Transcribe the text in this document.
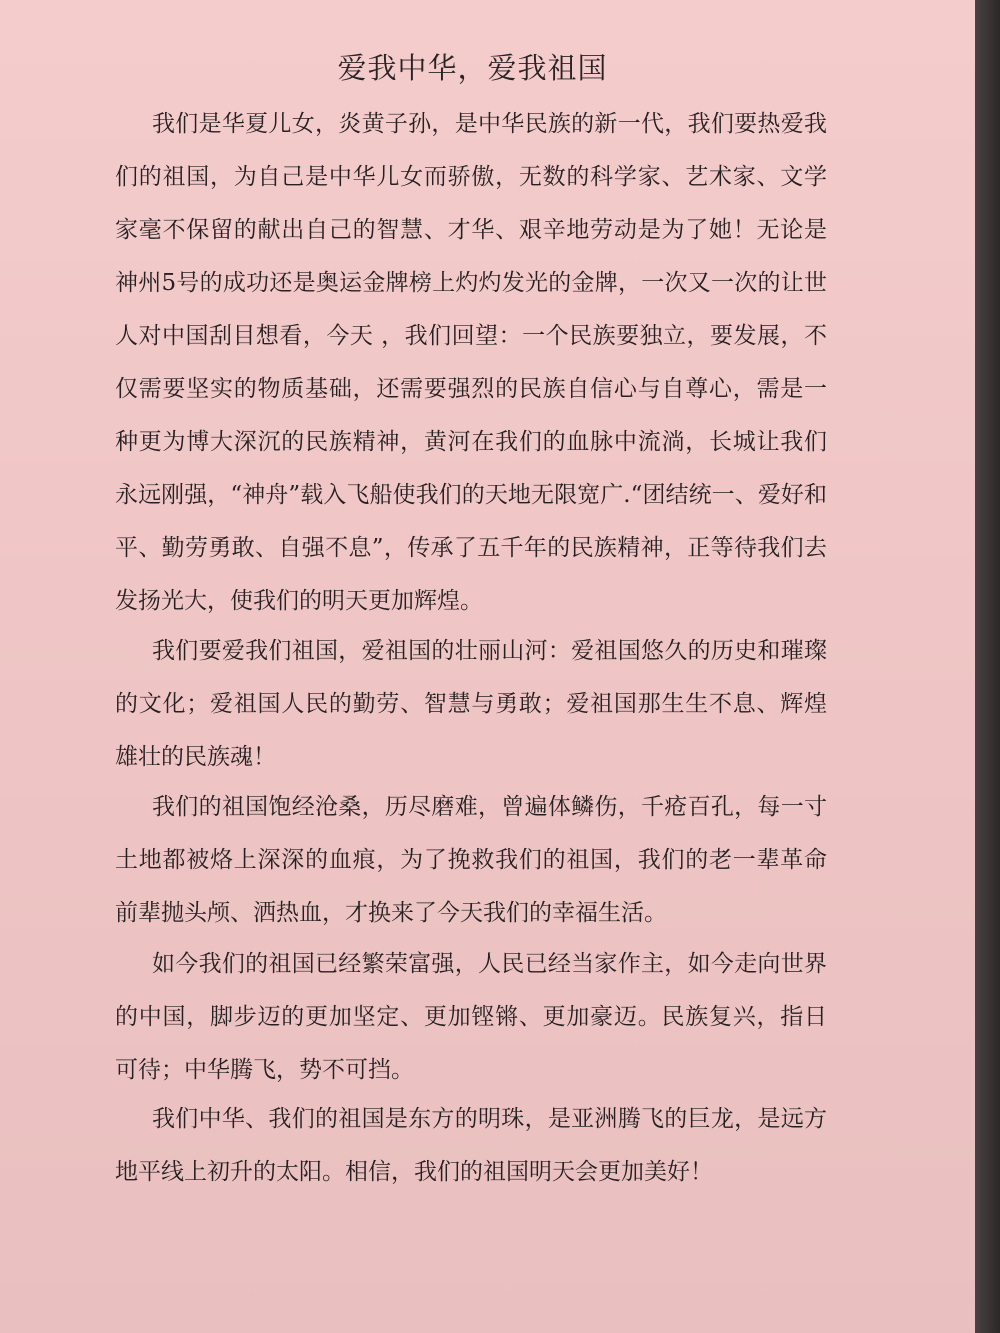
爱我中华，爱我祖国

我们是华夏儿女，炎黄子孙，是中华民族的新一代，我们要热爱我们的祖国，为自己是中华儿女而骄傲，无数的科学家、艺术家、文学家毫不保留的献出自己的智慧、才华、艰辛地劳动是为了她！无论是神州5号的成功还是奥运金牌榜上灼灼发光的金牌，一次又一次的让世人对中国刮目想看，今天 ，我们回望：一个民族要独立，要发展，不仅需要坚实的物质基础，还需要强烈的民族自信心与自尊心，需是一种更为博大深沉的民族精神，黄河在我们的血脉中流淌，长城让我们永远刚强，“神舟”载入飞船使我们的天地无限宽广.“团结统一、爱好和平、勤劳勇敢、自强不息”，传承了五千年的民族精神，正等待我们去发扬光大，使我们的明天更加辉煌。

我们要爱我们祖国，爱祖国的壮丽山河：爱祖国悠久的历史和璀璨的文化；爱祖国人民的勤劳、智慧与勇敢；爱祖国那生生不息、辉煌雄壮的民族魂！

我们的祖国饱经沧桑，历尽磨难，曾遍体鳞伤，千疮百孔，每一寸土地都被烙上深深的血痕，为了挽救我们的祖国，我们的老一辈革命前辈抛头颅、洒热血，才换来了今天我们的幸福生活。

如今我们的祖国已经繁荣富强，人民已经当家作主，如今走向世界的中国，脚步迈的更加坚定、更加铿锵、更加豪迈。民族复兴，指日可待；中华腾飞，势不可挡。

我们中华、我们的祖国是东方的明珠，是亚洲腾飞的巨龙，是远方地平线上初升的太阳。相信，我们的祖国明天会更加美好！
